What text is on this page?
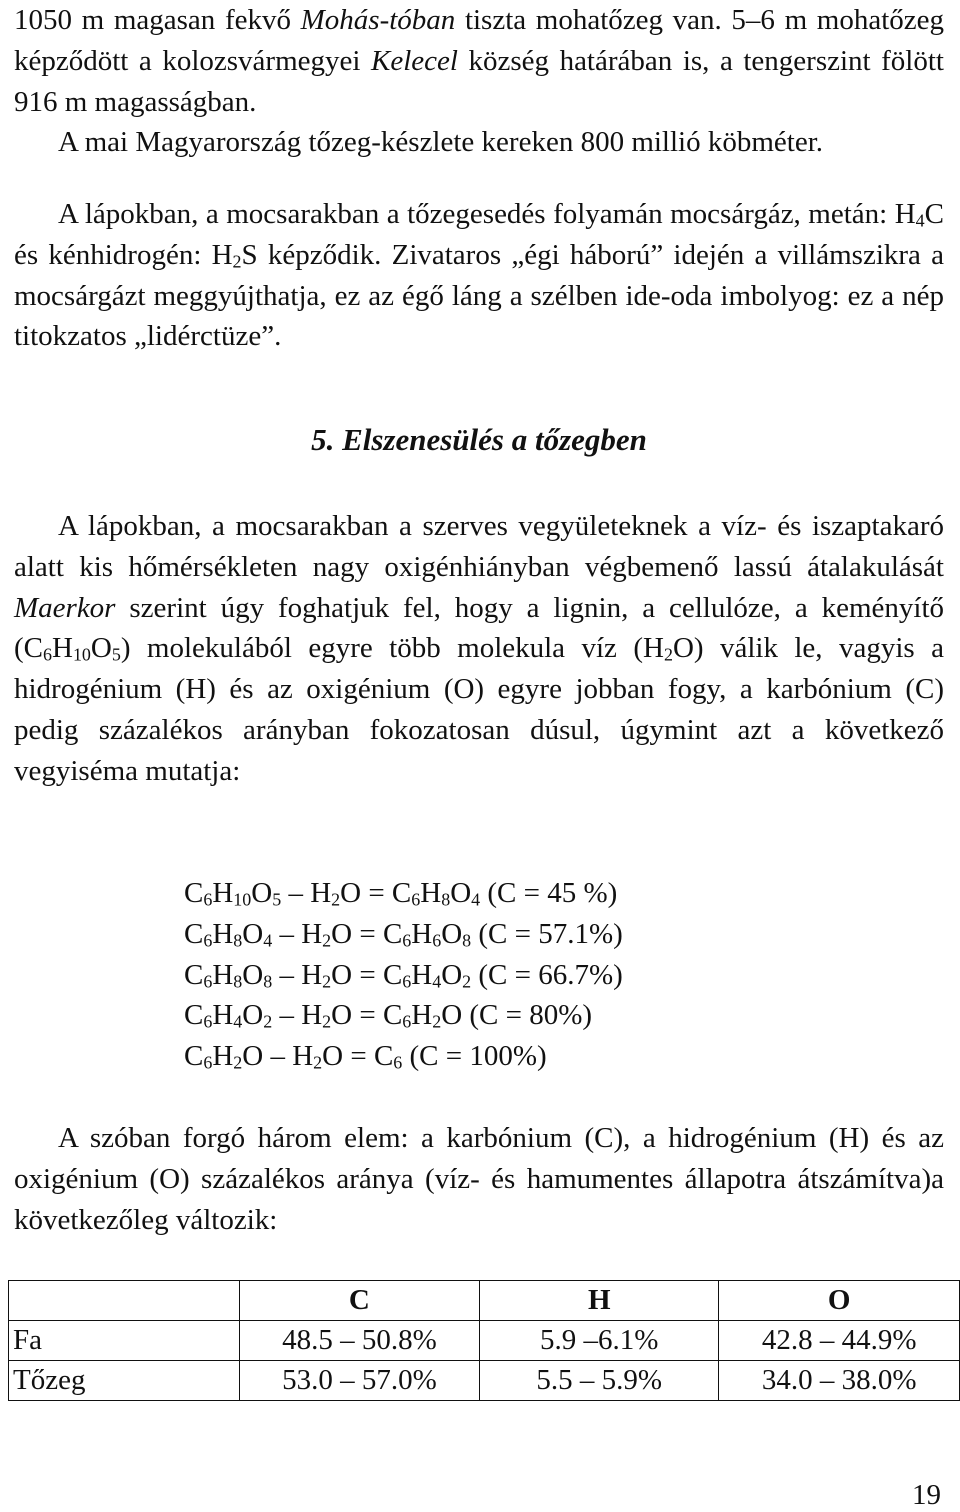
1050 m magasan fekvő Mohás-tóban tiszta mohatőzeg van. 5–6 m mohatőzeg képződött a kolozsvármegyei Kelecel község határában is, a tengerszint fölött 916 m magasságban.

A mai Magyarország tőzeg-készlete kereken 800 millió köbméter.

A lápokban, a mocsarakban a tőzegesedés folyamán mocsárgáz, metán: $H_4C$ és kénhidrogén: $H_2S$ képződik. Zivataros „égi háború” idején a villámszikra a mocsárgázt meggyújthatja, ez az égő láng a szélben ide-oda imbolyog: ez a nép titokzatos „lidérctüze”.

5. Elszenesülés a tőzegben

A lápokban, a mocsarakban a szerves vegyületeknek a víz- és iszaptakaró alatt kis hőmérsékleten nagy oxigénhiányban végbemenő lassú átalakulását Maerkor szerint úgy foghatjuk fel, hogy a lignin, a cellulóze, a keményítő $(C_6H_{10}O_5)$ molekulából egyre több molekula víz $(H_2O)$ válik le, vagyis a hidrogénium (H) és az oxigénium (O) egyre jobban fogy, a karbónium (C) pedig százalékos arányban fokozatosan dúsul, úgymint azt a következő vegyiséma mutatja:

$C_6H_{10}O_5 - H_2O = C_6H_8O_4$ (C = 45 %)

$C_6H_8O_4 - H_2O = C_6H_6O_8$ (C = 57.1%)

$C_6H_8O_8 - H_2O = C_6H_4O_2$ (C = 66.7%)

$C_6H_4O_2 - H_2O = C_6H_2O$ (C = 80%)

$C_6H_2O - H_2O = C_6$ (C = 100%)

A szóban forgó három elem: a karbónium (C), a hidrogénium (H) és az oxigénium (O) százalékos aránya (víz- és hamumentes állapotra átszámítva)a következőleg változik:

	C	H	O
Fa	48.5 – 50.8%	5.9 –6.1%	42.8 – 44.9%
Tőzeg	53.0 – 57.0%	5.5 – 5.9%	34.0 – 38.0%
19
